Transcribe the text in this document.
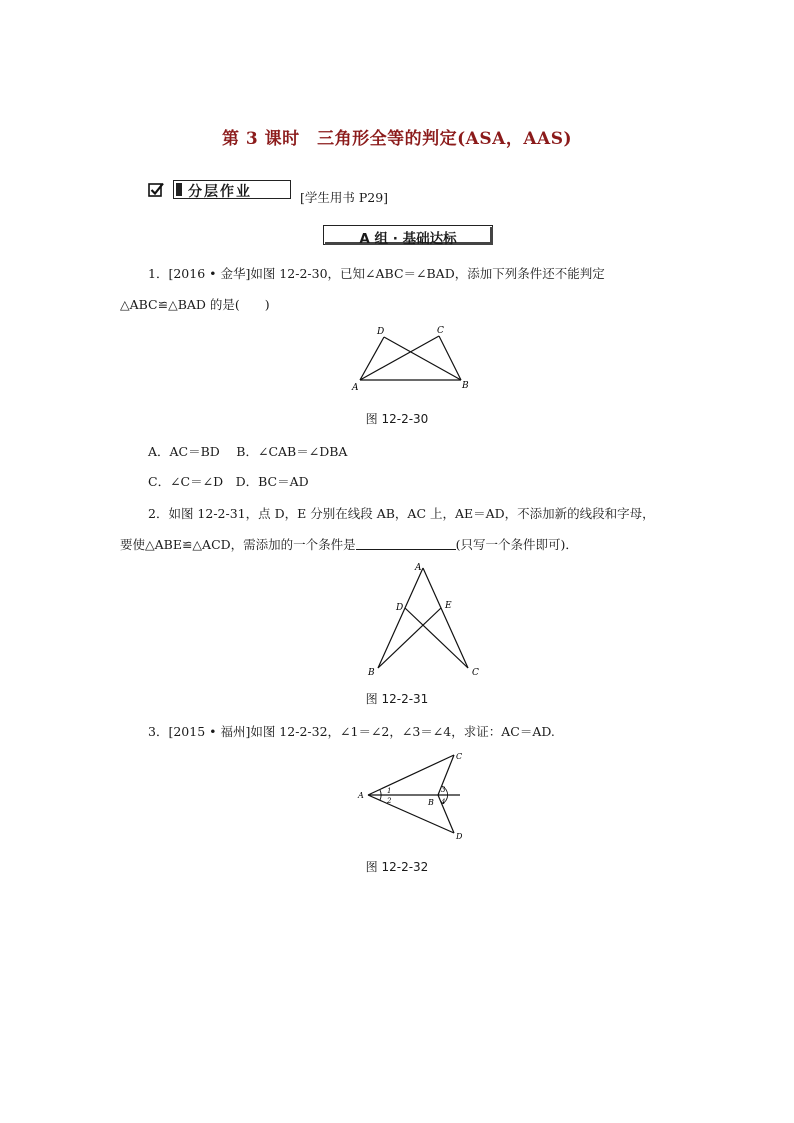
第 3 课时　三角形全等的判定(ASA，AAS)
分层作业	[学生用书 P29]
A 组 · 基础达标
1．[2016 • 金华]如图 12-2-30，已知∠ABC＝∠BAD，添加下列条件还不能判定
△ABC≌△BAD 的是(　　)
A	B
C
D
图 12-2-30
A．AC＝BD　 B．∠CAB＝∠DBA
C．∠C＝∠D　D．BC＝AD
2．如图 12-2-31，点 D，E 分别在线段 AB，AC 上，AE＝AD，不添加新的线段和字母，
要使△ABE≌△ACD，需添加的一个条件是	(只写一个条件即可)．
A
D	E
B	C
图 12-2-31
3．[2015 • 福州]如图 12-2-32，∠1＝∠2，∠3＝∠4，求证：AC＝AD.
A
B
C
D
1
2
3
4
图 12-2-32
